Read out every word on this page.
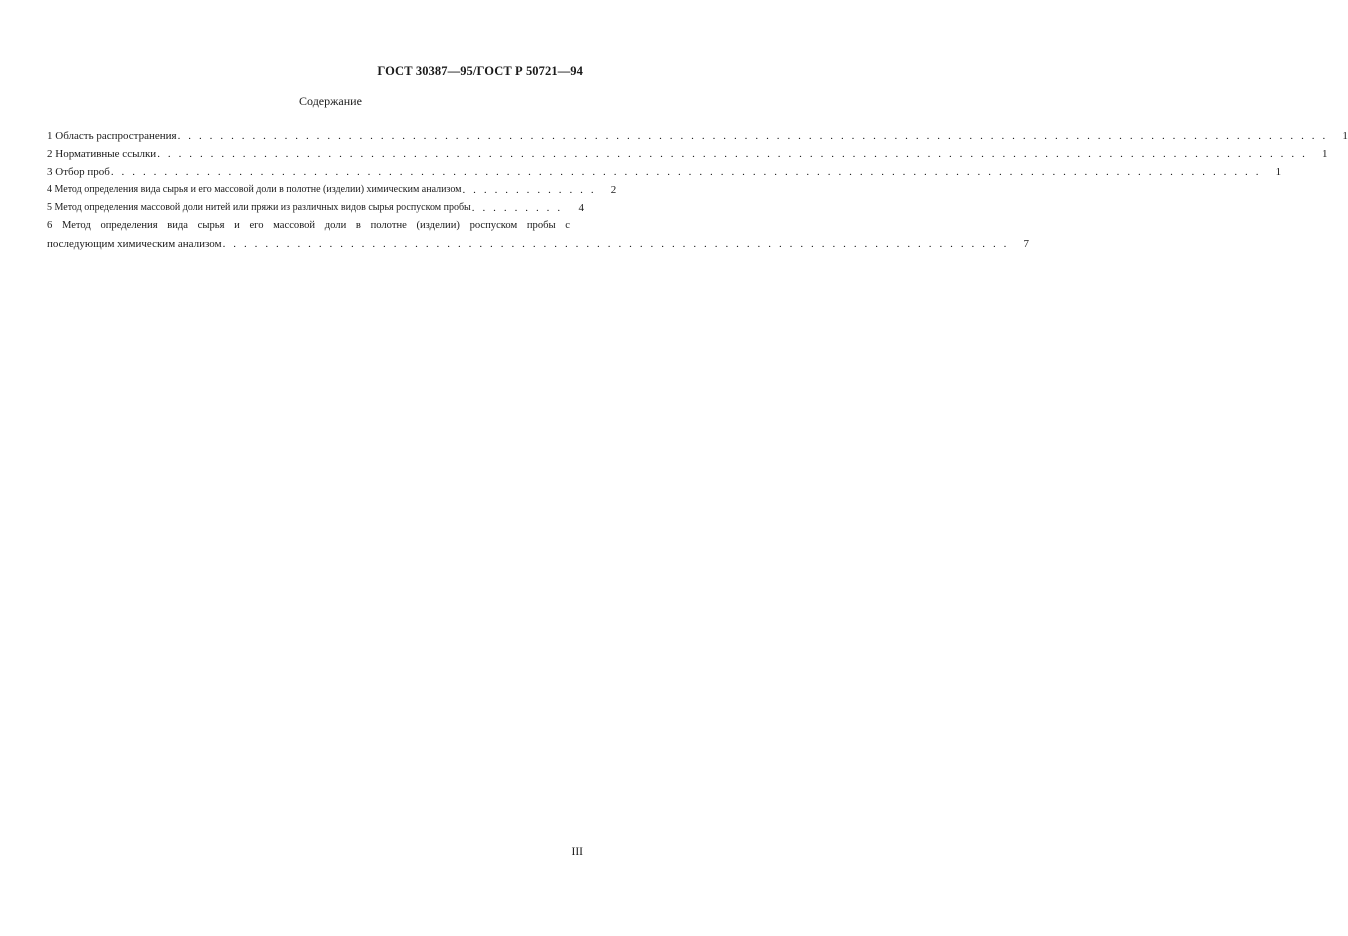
ГОСТ 30387—95/ГОСТ Р 50721—94
Содержание
1 Область распространения . . . . . . . . . . . . . . . . . . . . . . . . . . . . . . . . . . . . . . . . . . . . . . . . . . . . . . . . . . . . . . . . . . . . . . . . . . . . . . . . . . . . . . . . . . . . . . . . . . . . . . . . . . . .	1
2 Нормативные ссылки . . . . . . . . . . . . . . . . . . . . . . . . . . . . . . . . . . . . . . . . . . . . . . . . . . . . . . . . . . . . . . . . . . . . . . . . . . . . . . . . . . . . . . . . . . . . . . . . . . . . . . . . . . . .	1
3 Отбор проб . . . . . . . . . . . . . . . . . . . . . . . . . . . . . . . . . . . . . . . . . . . . . . . . . . . . . . . . . . . . . . . . . . . . . . . . . . . . . . . . . . . . . . . . . . . . . . . . . . . . . . . . . . . .	1
4 Метод определения вида сырья и его массовой доли в полотне (изделии) химическим анализом . . . . . . . . . . . . .	2
5 Метод определения массовой доли нитей или пряжи из различных видов сырья роспуском пробы . . . . . . . . .	4
6 Метод определения вида сырья и его массовой доли в полотне (изделии) роспуском пробы с
последующим химическим анализом . . . . . . . . . . . . . . . . . . . . . . . . . . . . . . . . . . . . . . . . . . . . . . . . . . . . . . . . . . . . . . . . . . . . . . . . . .	7
III
